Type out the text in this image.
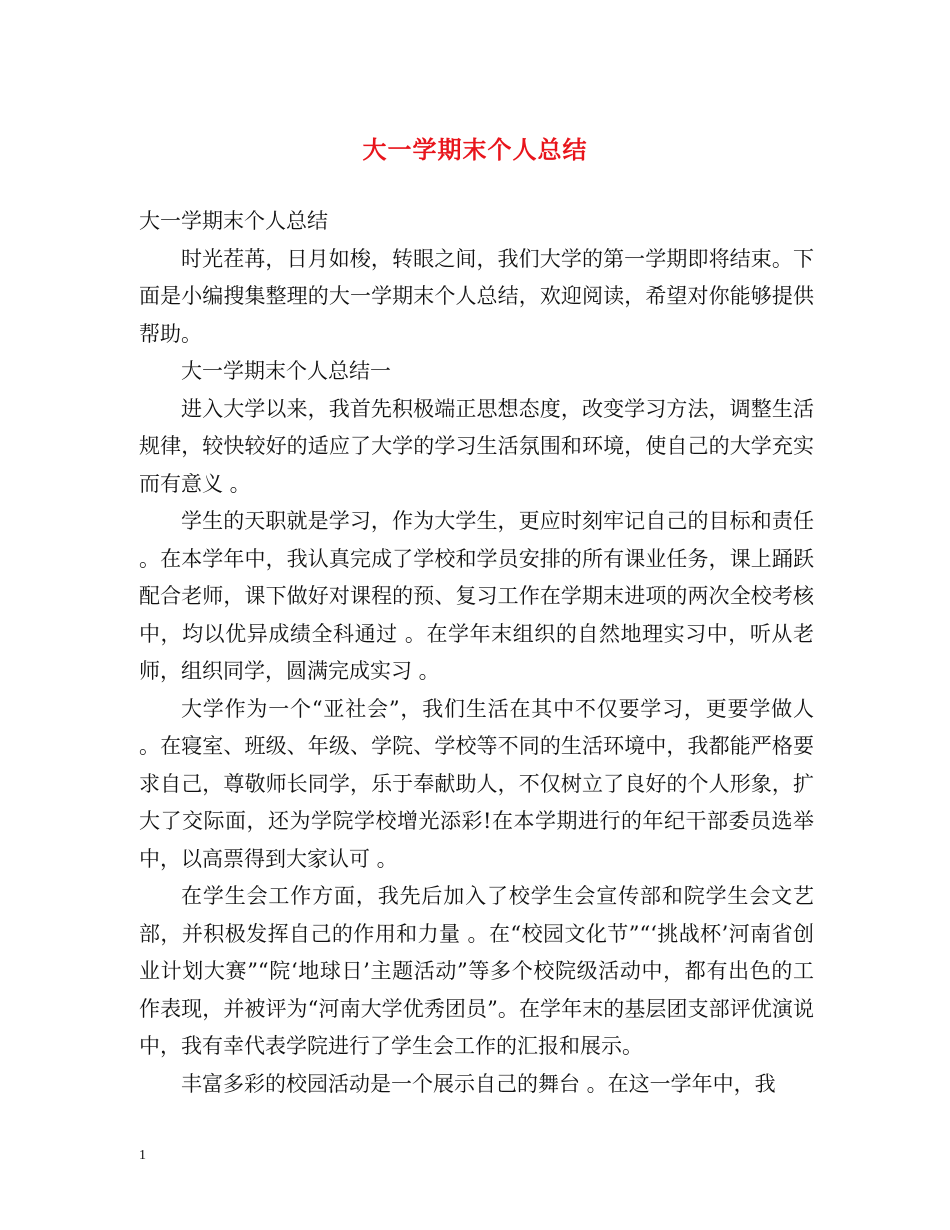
大一学期末个人总结

大一学期末个人总结

时光茬苒，日月如梭，转眼之间，我们大学的第一学期即将结束。下面是小编搜集整理的大一学期末个人总结，欢迎阅读，希望对你能够提供帮助。

大一学期末个人总结一

进入大学以来，我首先积极端正思想态度，改变学习方法，调整生活规律，较快较好的适应了大学的学习生活氛围和环境，使自己的大学充实而有意义 。

学生的天职就是学习，作为大学生，更应时刻牢记自己的目标和责任 。在本学年中，我认真完成了学校和学员安排的所有课业任务，课上踊跃配合老师，课下做好对课程的预、复习工作在学期末进项的两次全校考核中，均以优异成绩全科通过 。在学年末组织的自然地理实习中，听从老师，组织同学，圆满完成实习 。

大学作为一个“亚社会”，我们生活在其中不仅要学习，更要学做人 。在寝室、班级、年级、学院、学校等不同的生活环境中，我都能严格要求自己，尊敬师长同学，乐于奉献助人，不仅树立了良好的个人形象，扩大了交际面，还为学院学校增光添彩!在本学期进行的年纪干部委员选举中，以高票得到大家认可 。

在学生会工作方面，我先后加入了校学生会宣传部和院学生会文艺部，并积极发挥自己的作用和力量 。在“校园文化节”“‘挑战杯’河南省创业计划大赛”“院‘地球日’主题活动”等多个校院级活动中，都有出色的工作表现，并被评为“河南大学优秀团员”。在学年末的基层团支部评优演说中，我有幸代表学院进行了学生会工作的汇报和展示。

丰富多彩的校园活动是一个展示自己的舞台 。在这一学年中，我

1
